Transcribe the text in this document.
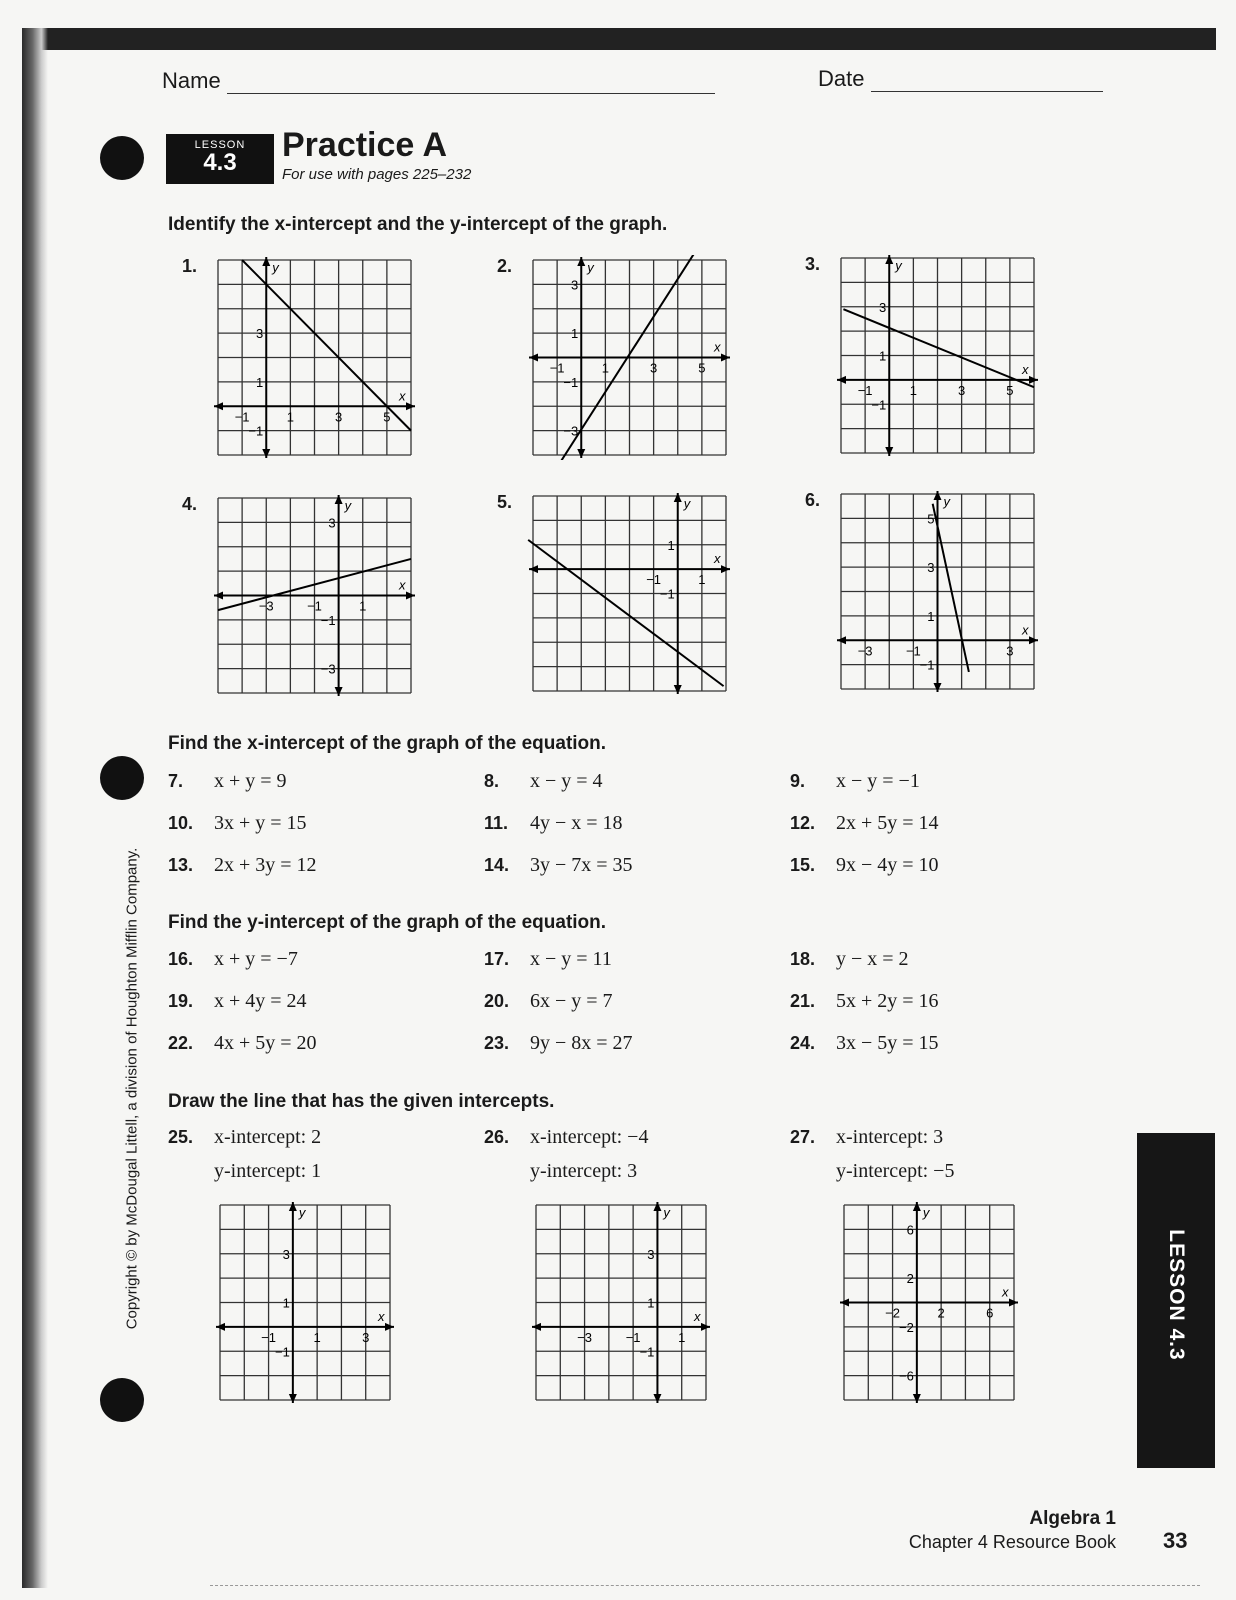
Name	Date
LESSON
4.3	Practice A
For use with pages 225–232
Identify the x-intercept and the y-intercept of the graph.
1.
x
y
−1	1	3	5
−1
1
3
2.
x
y
−1	1	3	5
−3
−1
1
3
3.
x
y
−1	1	3	5
−1
1
3
4.
x
y
−3	−1	1
−3
−1
3
5.
x
y
−1	1
−1
1
6.
x
y
−3	−1	3
−1
1
3
5
Find the x-intercept of the graph of the equation.
7. x + y = 9	8. x − y = 4	9. x − y = −1
10. 3x + y = 15	11. 4y − x = 18	12. 2x + 5y = 14
13. 2x + 3y = 12	14. 3y − 7x = 35	15. 9x − 4y = 10
Find the y-intercept of the graph of the equation.
16. x + y = −7	17. x − y = 11	18. y − x = 2
19. x + 4y = 24	20. 6x − y = 7	21. 5x + 2y = 16
22. 4x + 5y = 20	23. 9y − 8x = 27	24. 3x − 5y = 15
Draw the line that has the given intercepts.
25. x-intercept: 2
y-intercept: 1
x
y
−1	1	3
−1
1
3
26. x-intercept: −4
y-intercept: 3
x
y
−3	−1	1
−1
1
3
27. x-intercept: 3
y-intercept: −5
x
y
−2	2	6
−6
−2
2
6
Copyright © by McDougal Littell, a division of Houghton Mifflin Company.	LESSON 4.3
Algebra 1
Chapter 4 Resource Book 33
